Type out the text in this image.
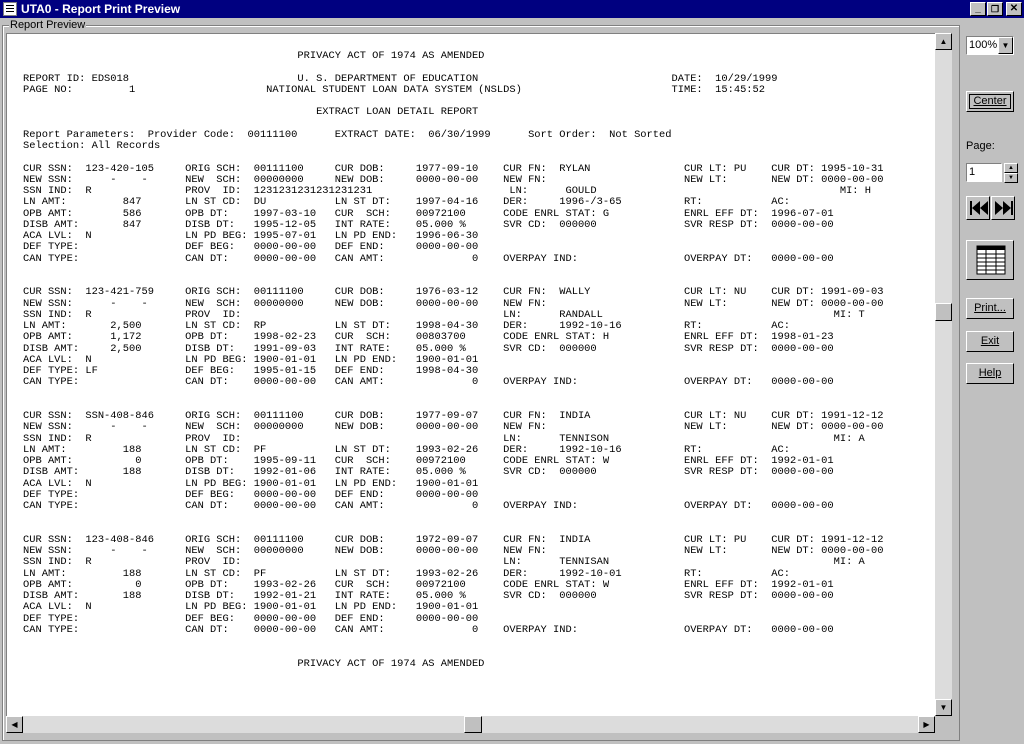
UTA0 - Report Print Preview	_	❐	✕
Report Preview
PRIVACY ACT OF 1974 AS AMENDED
REPORT ID: EDS018                           U. S. DEPARTMENT OF EDUCATION                               DATE:  10/29/1999
PAGE NO:         1                     NATIONAL STUDENT LOAN DATA SYSTEM (NSLDS)                        TIME:  15:45:52
EXTRACT LOAN DETAIL REPORT
Report Parameters:  Provider Code:  00111100      EXTRACT DATE:  06/30/1999      Sort Order:  Not Sorted
Selection: All Records
CUR SSN:  123-420-105     ORIG SCH:  00111100     CUR DOB:     1977-09-10    CUR FN:  RYLAN               CUR LT: PU    CUR DT: 1995-10-31
NEW SSN:      -    -      NEW  SCH:  00000000     NEW DOB:     0000-00-00    NEW FN:                      NEW LT:       NEW DT: 0000-00-00
SSN IND:  R               PROV  ID:  1231231231231231231                      LN:      GOULD                                       MI: H
LN AMT:         847       LN ST CD:  DU           LN ST DT:    1997-04-16    DER:     1996-/3-65          RT:           AC:
OPB AMT:        586       OPB DT:    1997-03-10   CUR  SCH:    00972100      CODE ENRL STAT: G            ENRL EFF DT:  1996-07-01
DISB AMT:       847       DISB DT:   1995-12-05   INT RATE:    05.000 %      SVR CD:  000000              SVR RESP DT:  0000-00-00
ACA LVL:  N               LN PD BEG: 1995-07-01   LN PD END:   1996-06-30
DEF TYPE:                 DEF BEG:   0000-00-00   DEF END:     0000-00-00
CAN TYPE:                 CAN DT:    0000-00-00   CAN AMT:              0    OVERPAY IND:                 OVERPAY DT:   0000-00-00
CUR SSN:  123-421-759     ORIG SCH:  00111100     CUR DOB:     1976-03-12    CUR FN:  WALLY               CUR LT: NU    CUR DT: 1991-09-03
NEW SSN:      -    -      NEW  SCH:  00000000     NEW DOB:     0000-00-00    NEW FN:                      NEW LT:       NEW DT: 0000-00-00
SSN IND:  R               PROV  ID:                                          LN:      RANDALL                                     MI: T
LN AMT:       2,500       LN ST CD:  RP           LN ST DT:    1998-04-30    DER:     1992-10-16          RT:           AC:
OPB AMT:      1,172       OPB DT:    1998-02-23   CUR  SCH:    00803700      CODE ENRL STAT: H            ENRL EFF DT:  1998-01-23
DISB AMT:     2,500       DISB DT:   1991-09-03   INT RATE:    05.000 %      SVR CD:  000000              SVR RESP DT:  0000-00-00
ACA LVL:  N               LN PD BEG: 1900-01-01   LN PD END:   1900-01-01
DEF TYPE: LF              DEF BEG:   1995-01-15   DEF END:     1998-04-30
CAN TYPE:                 CAN DT:    0000-00-00   CAN AMT:              0    OVERPAY IND:                 OVERPAY DT:   0000-00-00
CUR SSN:  SSN-408-846     ORIG SCH:  00111100     CUR DOB:     1977-09-07    CUR FN:  INDIA               CUR LT: NU    CUR DT: 1991-12-12
NEW SSN:      -    -      NEW  SCH:  00000000     NEW DOB:     0000-00-00    NEW FN:                      NEW LT:       NEW DT: 0000-00-00
SSN IND:  R               PROV  ID:                                          LN:      TENNISON                                    MI: A
LN AMT:         188       LN ST CD:  PF           LN ST DT:    1993-02-26    DER:     1992-10-16          RT:           AC:
OPB AMT:          0       OPB DT:    1995-09-11   CUR  SCH:    00972100      CODE ENRL STAT: W            ENRL EFF DT:  1992-01-01
DISB AMT:       188       DISB DT:   1992-01-06   INT RATE:    05.000 %      SVR CD:  000000              SVR RESP DT:  0000-00-00
ACA LVL:  N               LN PD BEG: 1900-01-01   LN PD END:   1900-01-01
DEF TYPE:                 DEF BEG:   0000-00-00   DEF END:     0000-00-00
CAN TYPE:                 CAN DT:    0000-00-00   CAN AMT:              0    OVERPAY IND:                 OVERPAY DT:   0000-00-00
CUR SSN:  123-408-846     ORIG SCH:  00111100     CUR DOB:     1972-09-07    CUR FN:  INDIA               CUR LT: PU    CUR DT: 1991-12-12
NEW SSN:      -    -      NEW  SCH:  00000000     NEW DOB:     0000-00-00    NEW FN:                      NEW LT:       NEW DT: 0000-00-00
SSN IND:  R               PROV  ID:                                          LN:      TENNISAN                                    MI: A
LN AMT:         188       LN ST CD:  PF           LN ST DT:    1993-02-26    DER:     1992-10-01          RT:           AC:
OPB AMT:          0       OPB DT:    1993-02-26   CUR  SCH:    00972100      CODE ENRL STAT: W            ENRL EFF DT:  1992-01-01
DISB AMT:       188       DISB DT:   1992-01-21   INT RATE:    05.000 %      SVR CD:  000000              SVR RESP DT:  0000-00-00
ACA LVL:  N               LN PD BEG: 1900-01-01   LN PD END:   1900-01-01
DEF TYPE:                 DEF BEG:   0000-00-00   DEF END:     0000-00-00
CAN TYPE:                 CAN DT:    0000-00-00   CAN AMT:              0    OVERPAY IND:                 OVERPAY DT:   0000-00-00
PRIVACY ACT OF 1974 AS AMENDED
▲
▼
◀	▶
100% ▼
Center
Page:
1	▲
▼
Print...
Exit
Help
